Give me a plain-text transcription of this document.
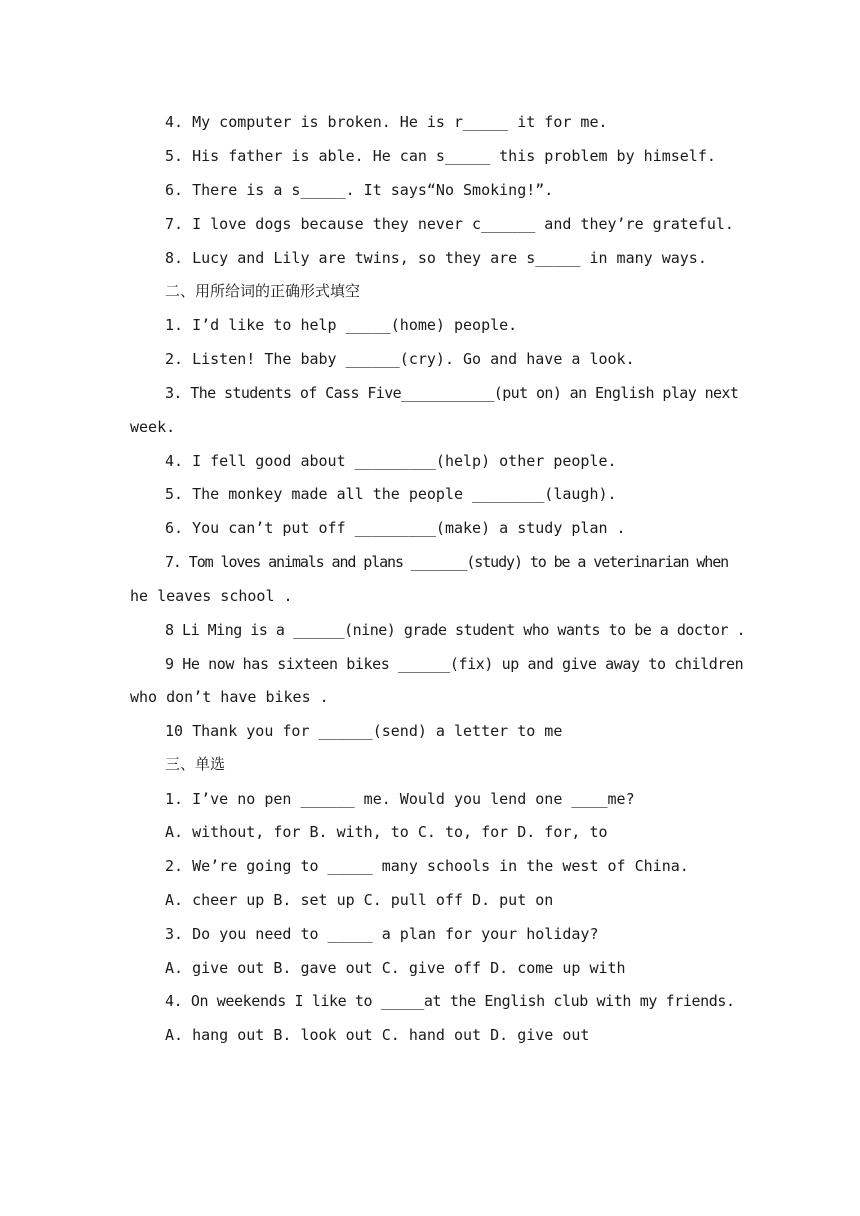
4. My computer is broken. He is r_____ it for me.
5. His father is able. He can s_____ this problem by himself.
6. There is a s_____. It says“No Smoking!”.
7. I love dogs because they never c______ and they’re grateful.
8. Lucy and Lily are twins, so they are s_____ in many ways.
二、用所给词的正确形式填空
1. I’d like to help _____(home) people.
2. Listen! The baby ______(cry). Go and have a look.
3. The students of Cass Five___________(put on) an English play next
week.
4. I fell good about _________(help) other people.
5. The monkey made all the people ________(laugh).
6. You can’t put off _________(make) a study plan .
7. Tom loves animals and plans _______(study) to be a veterinarian when
he leaves school .
8 Li Ming is a ______(nine) grade student who wants to be a doctor .
9 He now has sixteen bikes ______(fix) up and give away to children
who don’t have bikes .
10 Thank you for ______(send) a letter to me
三、单选
1. I’ve no pen ______ me. Would you lend one ____me?
A. without, for B. with, to C. to, for D. for, to
2. We’re going to _____ many schools in the west of China.
A. cheer up B. set up C. pull off D. put on
3. Do you need to _____ a plan for your holiday?
A. give out B. gave out C. give off D. come up with
4. On weekends I like to _____at the English club with my friends.
A. hang out B. look out C. hand out D. give out
